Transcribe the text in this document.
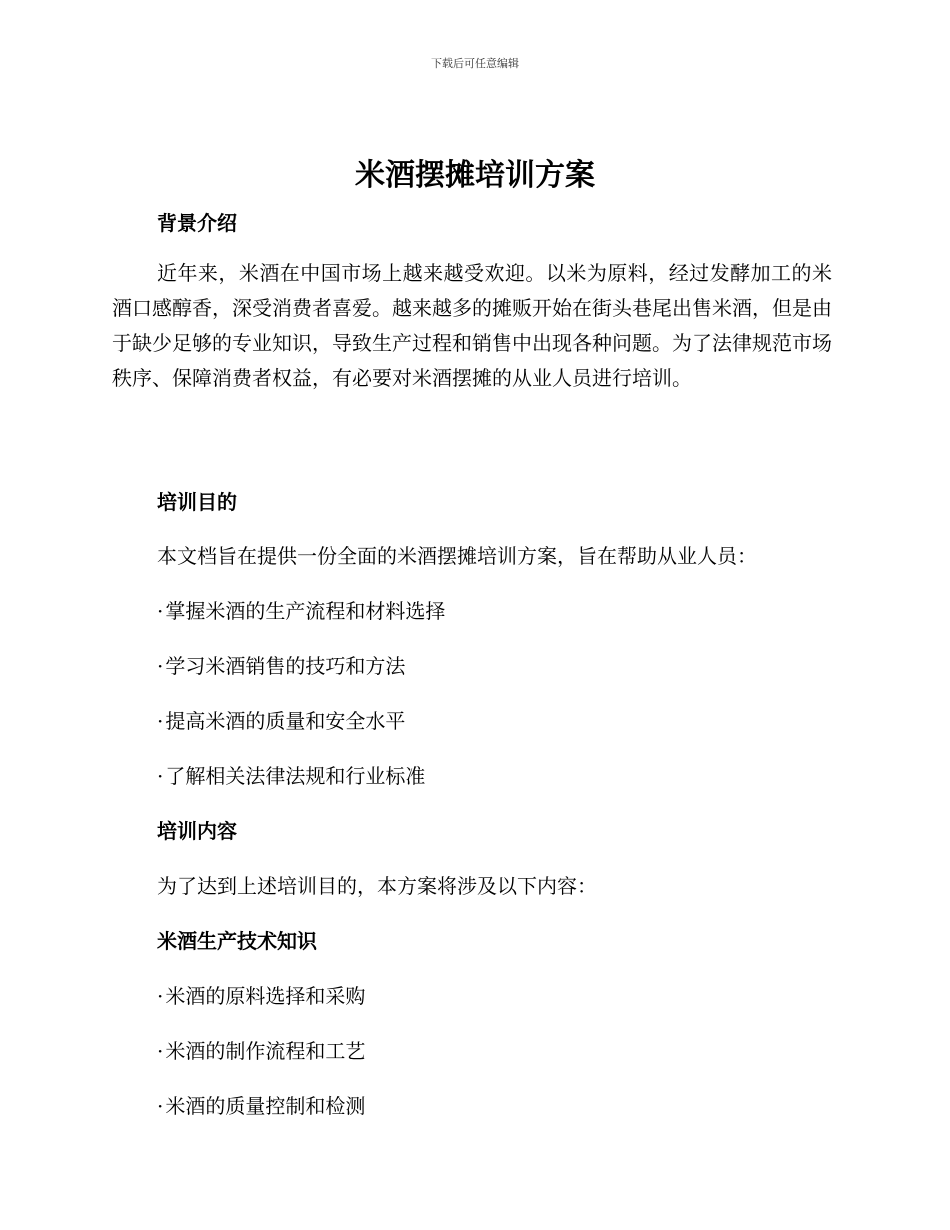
下载后可任意编辑
米酒摆摊培训方案
背景介绍

近年来，米酒在中国市场上越来越受欢迎。以米为原料，经过发酵加工的米酒口感醇香，深受消费者喜爱。越来越多的摊贩开始在街头巷尾出售米酒，但是由于缺少足够的专业知识，导致生产过程和销售中出现各种问题。为了法律规范市场秩序、保障消费者权益，有必要对米酒摆摊的从业人员进行培训。

培训目的

本文档旨在提供一份全面的米酒摆摊培训方案，旨在帮助从业人员：

· 掌握米酒的生产流程和材料选择

· 学习米酒销售的技巧和方法

· 提高米酒的质量和安全水平

· 了解相关法律法规和行业标准

培训内容

为了达到上述培训目的，本方案将涉及以下内容：

米酒生产技术知识

· 米酒的原料选择和采购

· 米酒的制作流程和工艺

· 米酒的质量控制和检测
